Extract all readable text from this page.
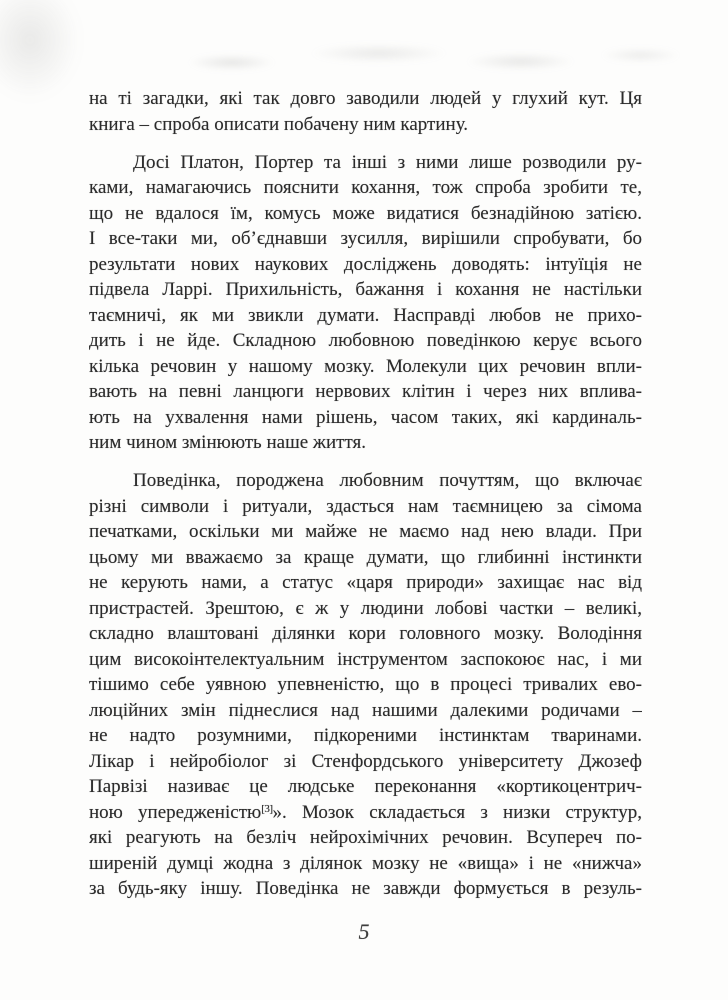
на ті загадки, які так довго заводили людей у глухий кут. Ця
книга – спроба описати побачену ним картину.
Досі Платон, Портер та інші з ними лише розводили ру-
ками, намагаючись пояснити кохання, тож спроба зробити те,
що не вдалося їм, комусь може видатися безнадійною затією.
І все-таки ми, об’єднавши зусилля, вирішили спробувати, бо
результати нових наукових досліджень доводять: інтуїція не
підвела Ларрі. Прихильність, бажання і кохання не настільки
таємничі, як ми звикли думати. Насправді любов не прихо-
дить і не йде. Складною любовною поведінкою керує всього
кілька речовин у нашому мозку. Молекули цих речовин впли-
вають на певні ланцюги нервових клітин і через них вплива-
ють на ухвалення нами рішень, часом таких, які кардиналь-
ним чином змінюють наше життя.
Поведінка, породжена любовним почуттям, що включає
різні символи і ритуали, здасться нам таємницею за сімома
печатками, оскільки ми майже не маємо над нею влади. При
цьому ми вважаємо за краще думати, що глибинні інстинкти
не керують нами, а статус «царя природи» захищає нас від
пристрастей. Зрештою, є ж у людини лобові частки – великі,
складно влаштовані ділянки кори головного мозку. Володіння
цим високоінтелектуальним інструментом заспокоює нас, і ми
тішимо себе уявною упевненістю, що в процесі тривалих ево-
люційних змін піднеслися над нашими далекими родичами –
не надто розумними, підкореними інстинктам тваринами.
Лікар і нейробіолог зі Стенфордського університету Джозеф
Парвізі називає це людське переконання «кортикоцентрич-
ною упередженістю[3]». Мозок складається з низки структур,
які реагують на безліч нейрохімічних речовин. Всупереч по-
ширеній думці жодна з ділянок мозку не «вища» і не «нижча»
за будь-яку іншу. Поведінка не завжди формується в резуль-
5
